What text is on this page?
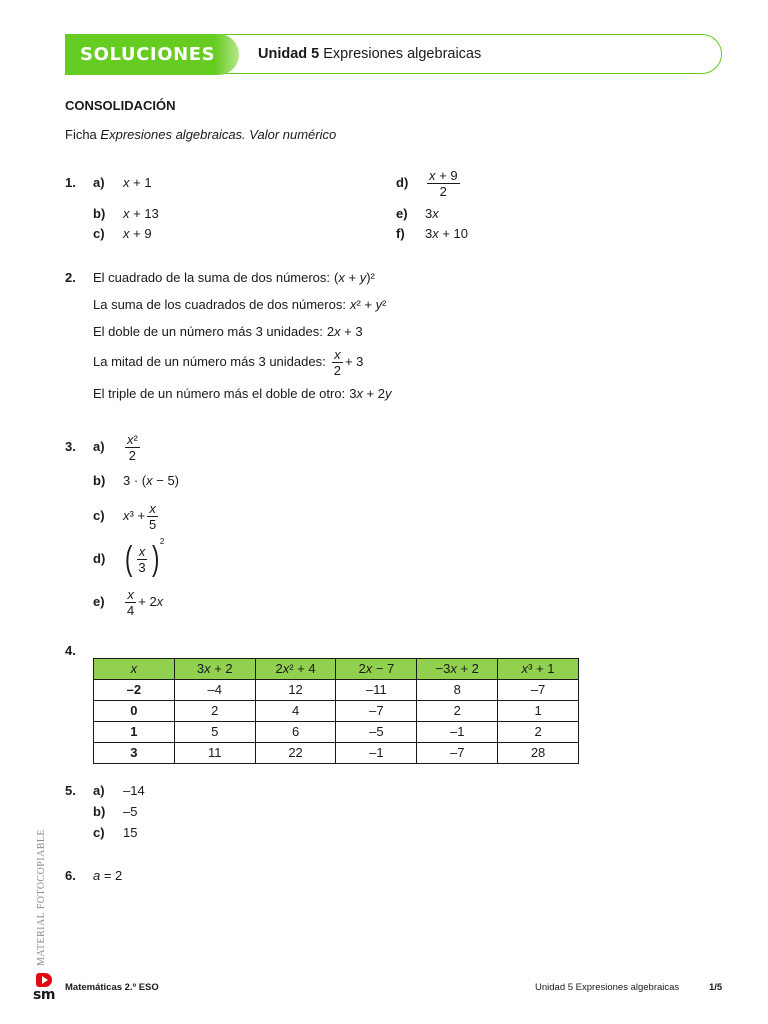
SOLUCIONES	Unidad 5 Expresiones algebraicas
CONSOLIDACIÓN
Ficha Expresiones algebraicas. Valor numérico
1.	a)	x + 1
b)	x + 13
c)	x + 9
d)	$\frac{x + 9}{2}$
e)	3x
f)	3x + 10
2.	El cuadrado de la suma de dos números: (x + y)²
La suma de los cuadrados de dos números: x² + y²
El doble de un número más 3 unidades: 2x + 3
La mitad de un número más 3 unidades: $\frac{x}{2} + 3$
El triple de un número más el doble de otro: 3x + 2y
3.	a)	$\frac{\text{x²}}{2}$
b)	3 · (x − 5)
c)	$x^3 + \frac{x}{5}$
d) ( $\frac{x}{3}$ ) 2
e)	$\frac{x}{4} + 2x$
4.
x	3x + 2	2x² + 4	2x − 7	−3x + 2	x³ + 1
–2	–4	12	–11	8	–7
0	2	4	–7	2	1
1	5	6	–5	–1	2
3	11	22	–1	–7	28
5.	a)	–14
b)	–5
c)	15
6.	a = 2
MATERIAL FOTOCOPIABLE
sm Matemáticas 2.º ESO	Unidad 5 Expresiones algebraicas	1/5
